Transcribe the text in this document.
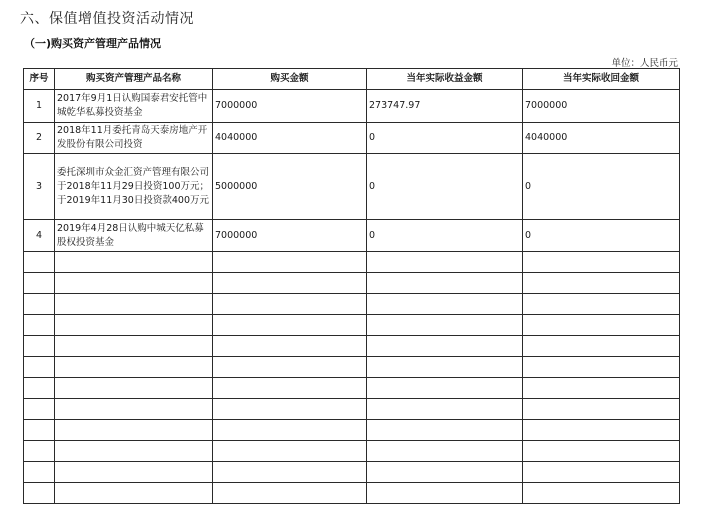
六、保值增值投资活动情况
（一)购买资产管理产品情况
单位：人民币元
序号	购买资产管理产品名称	购买金额	当年实际收益金额	当年实际收回金额
1	2017年9月1日认购国泰君安托管中城乾华私募投资基金	7000000	273747.97	7000000
2	2018年11月委托青岛天泰房地产开发股份有限公司投资	4040000	0	4040000
3	委托深圳市众金汇资产管理有限公司于2018年11月29日投资100万元；于2019年11月30日投资款400万元	5000000	0	0
4	2019年4月28日认购中城天亿私募股权投资基金	7000000	0	0
